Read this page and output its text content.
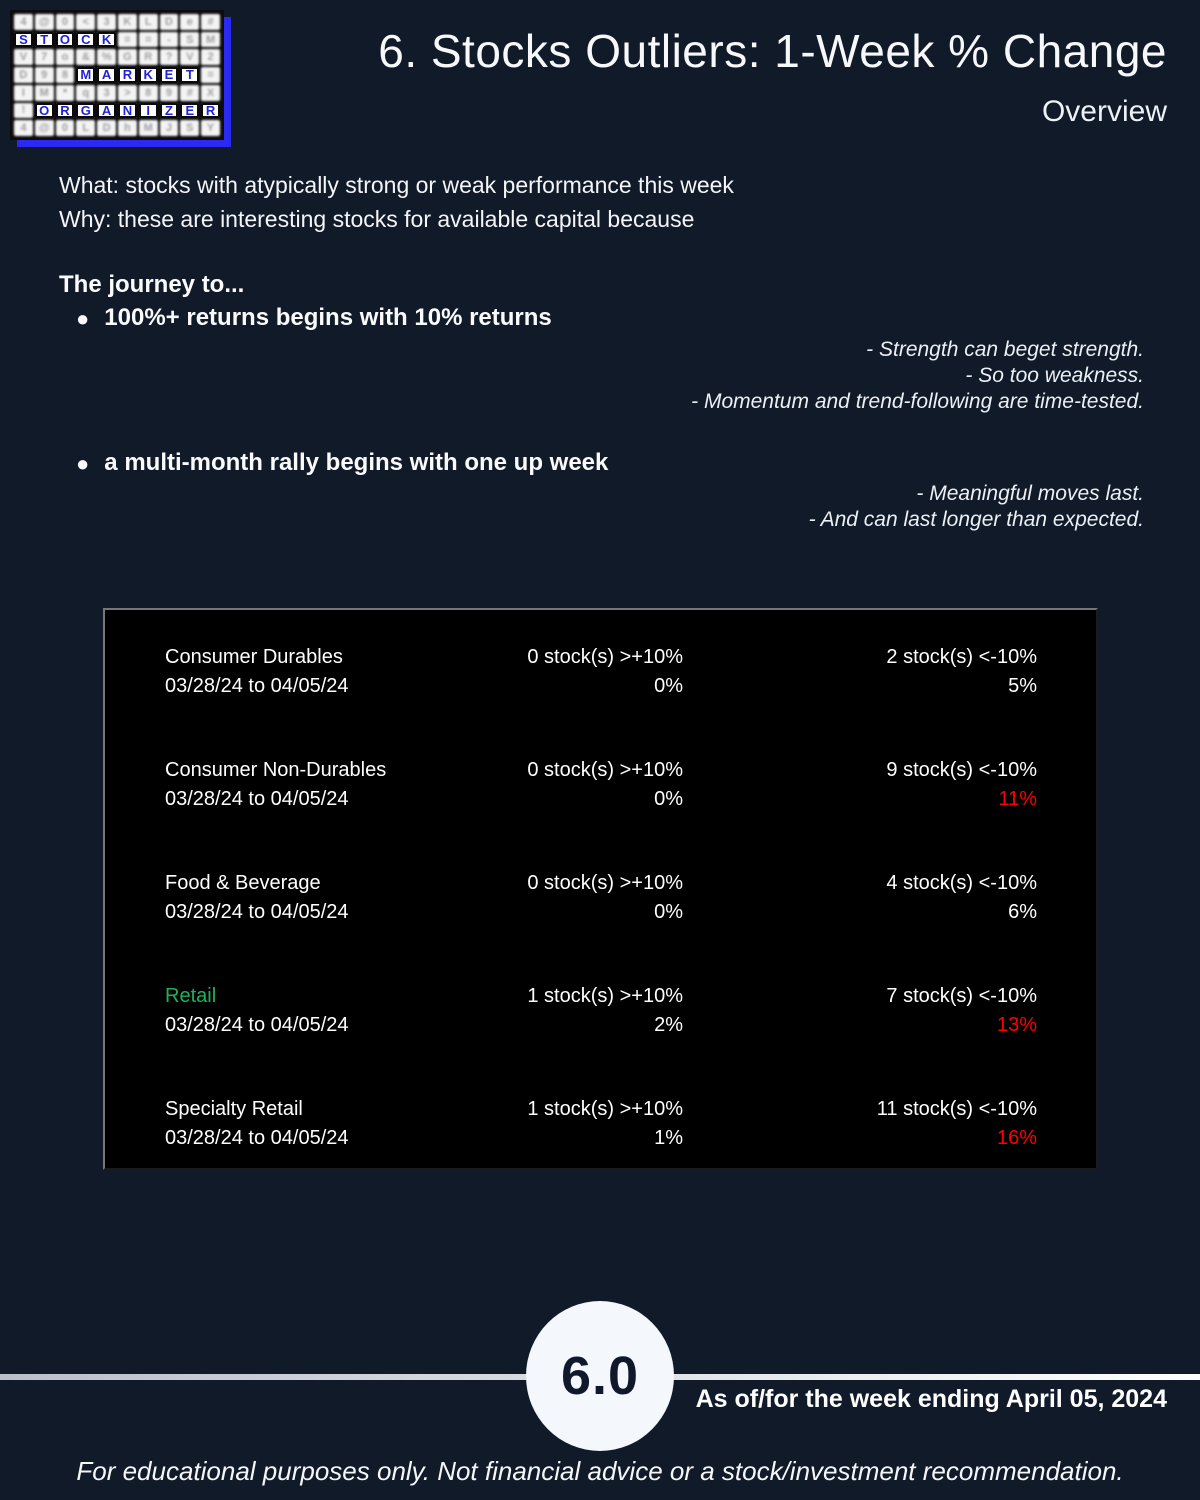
4	@	0	<	3	K	L	D	e	#
S T O C K	=	=	-	S	M
V	7	o	&	%	G	R	?	V	2
D	9	8 M A R K E T	=
I	M	*	q	3	>	8	9	#	X
!	O R G A N	I	Z E R
4	@	0	L	D	h	M	J	S	Y
6. Stocks Outliers: 1-Week % Change
Overview
What: stocks with atypically strong or weak performance this week
Why: these are interesting stocks for available capital because
The journey to...
● 100%+ returns begins with 10% returns
- Strength can beget strength.
- So too weakness.
- Momentum and trend-following are time-tested.
● a multi-month rally begins with one up week
- Meaningful moves last.
- And can last longer than expected.
Consumer Durables	0 stock(s) >+10%	2 stock(s) <-10%
03/28/24 to 04/05/24	0%	5%
Consumer Non-Durables	0 stock(s) >+10%	9 stock(s) <-10%
03/28/24 to 04/05/24	0%	11%
Food & Beverage	0 stock(s) >+10%	4 stock(s) <-10%
03/28/24 to 04/05/24	0%	6%
Retail	1 stock(s) >+10%	7 stock(s) <-10%
03/28/24 to 04/05/24	2%	13%
Specialty Retail	1 stock(s) >+10%	11 stock(s) <-10%
03/28/24 to 04/05/24	1%	16%
6.0 As of/for the week ending April 05, 2024
For educational purposes only. Not financial advice or a stock/investment recommendation.
